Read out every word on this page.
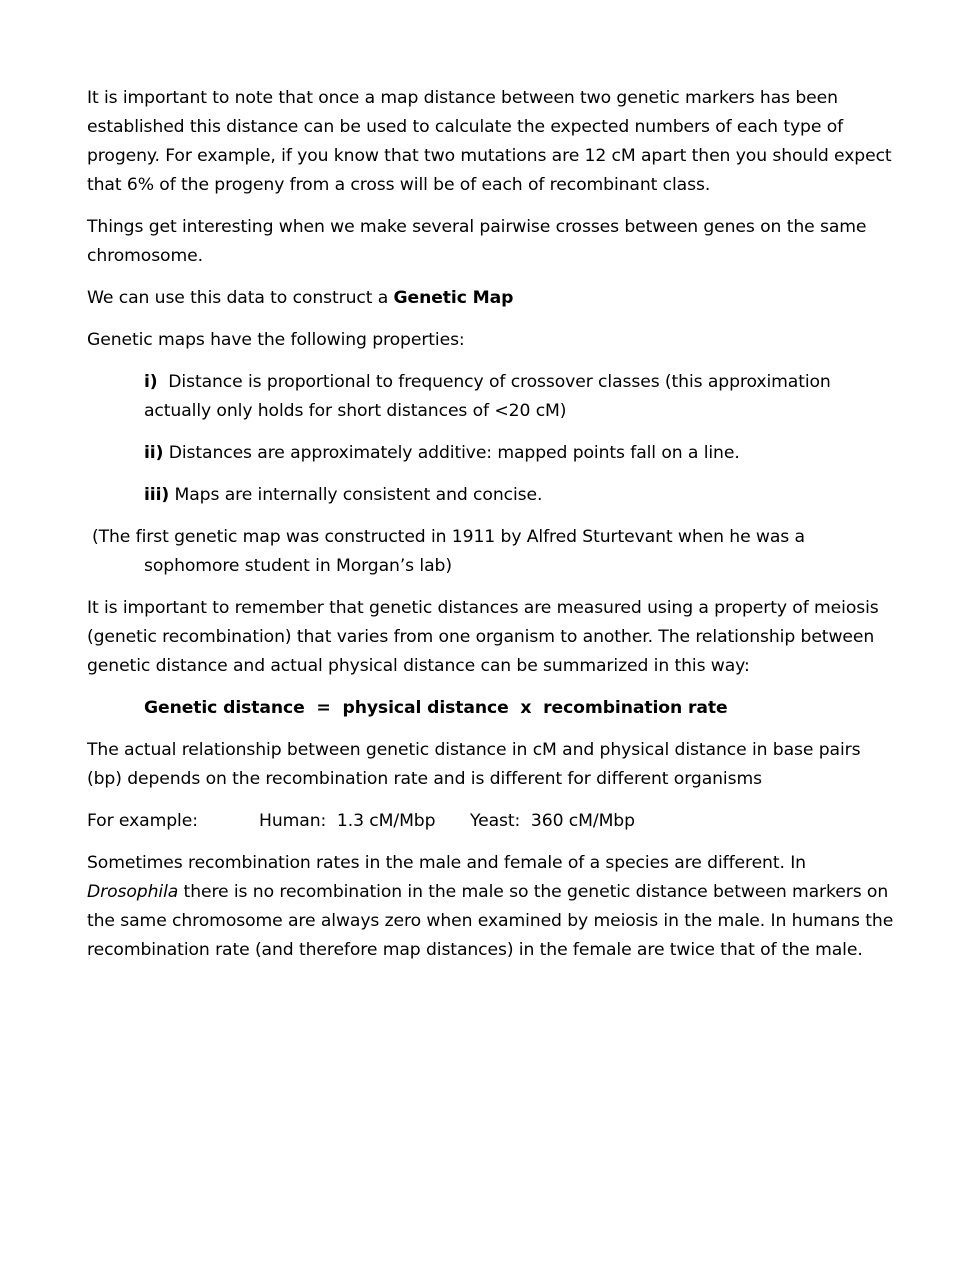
It is important to note that once a map distance between two genetic markers has been established this distance can be used to calculate the expected numbers of each type of progeny. For example, if you know that two mutations are 12 cM apart then you should expect that 6% of the progeny from a cross will be of each of recombinant class.

Things get interesting when we make several pairwise crosses between genes on the same chromosome.

We can use this data to construct a Genetic Map

Genetic maps have the following properties:

i)  Distance is proportional to frequency of crossover classes (this approximation actually only holds for short distances of <20 cM)

ii) Distances are approximately additive: mapped points fall on a line.

iii) Maps are internally consistent and concise.

(The first genetic map was constructed in 1911 by Alfred Sturtevant when he was a sophomore student in Morgan’s lab)

It is important to remember that genetic distances are measured using a property of meiosis (genetic recombination) that varies from one organism to another. The relationship between genetic distance and actual physical distance can be summarized in this way:

Genetic distance  =  physical distance  x  recombination rate

The actual relationship between genetic distance in cM and physical distance in base pairs (bp) depends on the recombination rate and is different for different organisms

For example:	Human:  1.3 cM/Mbp Yeast:  360 cM/Mbp

Sometimes recombination rates in the male and female of a species are different. In Drosophila there is no recombination in the male so the genetic distance between markers on the same chromosome are always zero when examined by meiosis in the male. In humans the recombination rate (and therefore map distances) in the female are twice that of the male.
